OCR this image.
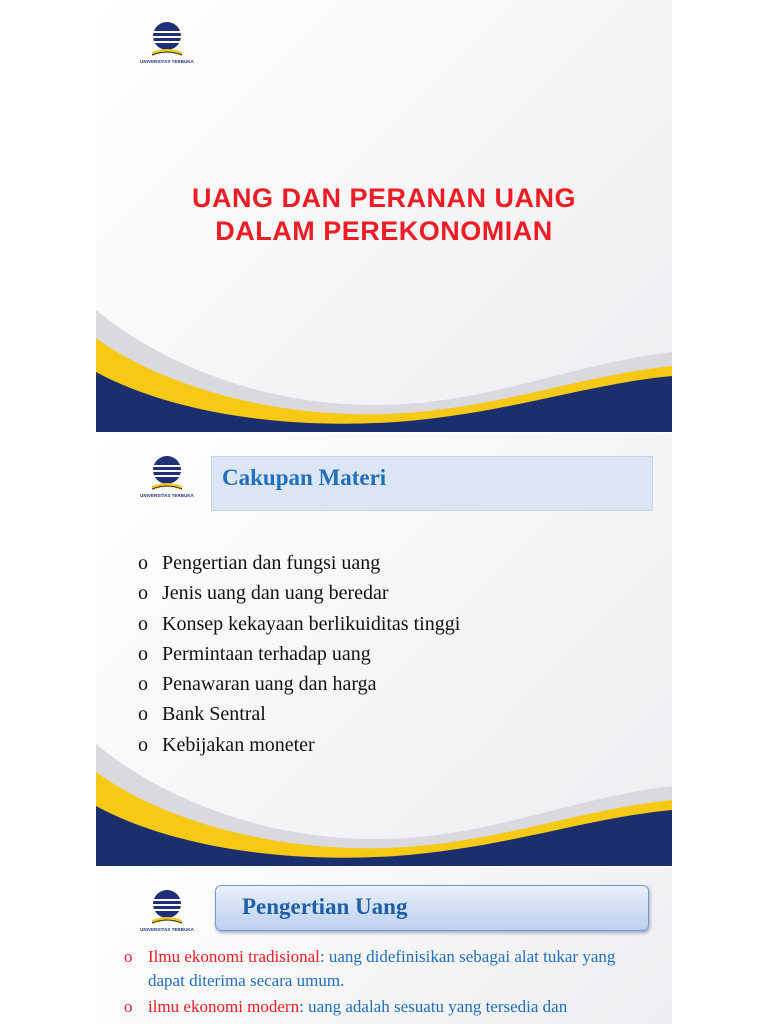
UNIVERSITAS TERBUKA
UANG DAN PERANAN UANG
DALAM PEREKONOMIAN
UNIVERSITAS TERBUKA
Cakupan Materi
o Pengertian dan fungsi uang
o Jenis uang dan uang beredar
o Konsep kekayaan berlikuiditas tinggi
o Permintaan terhadap uang
o Penawaran uang dan harga
o Bank Sentral
o Kebijakan moneter
UNIVERSITAS TERBUKA
Pengertian Uang
o Ilmu ekonomi tradisional: uang didefinisikan sebagai alat tukar yang dapat diterima secara umum.
o ilmu ekonomi modern: uang adalah sesuatu yang tersedia dan
